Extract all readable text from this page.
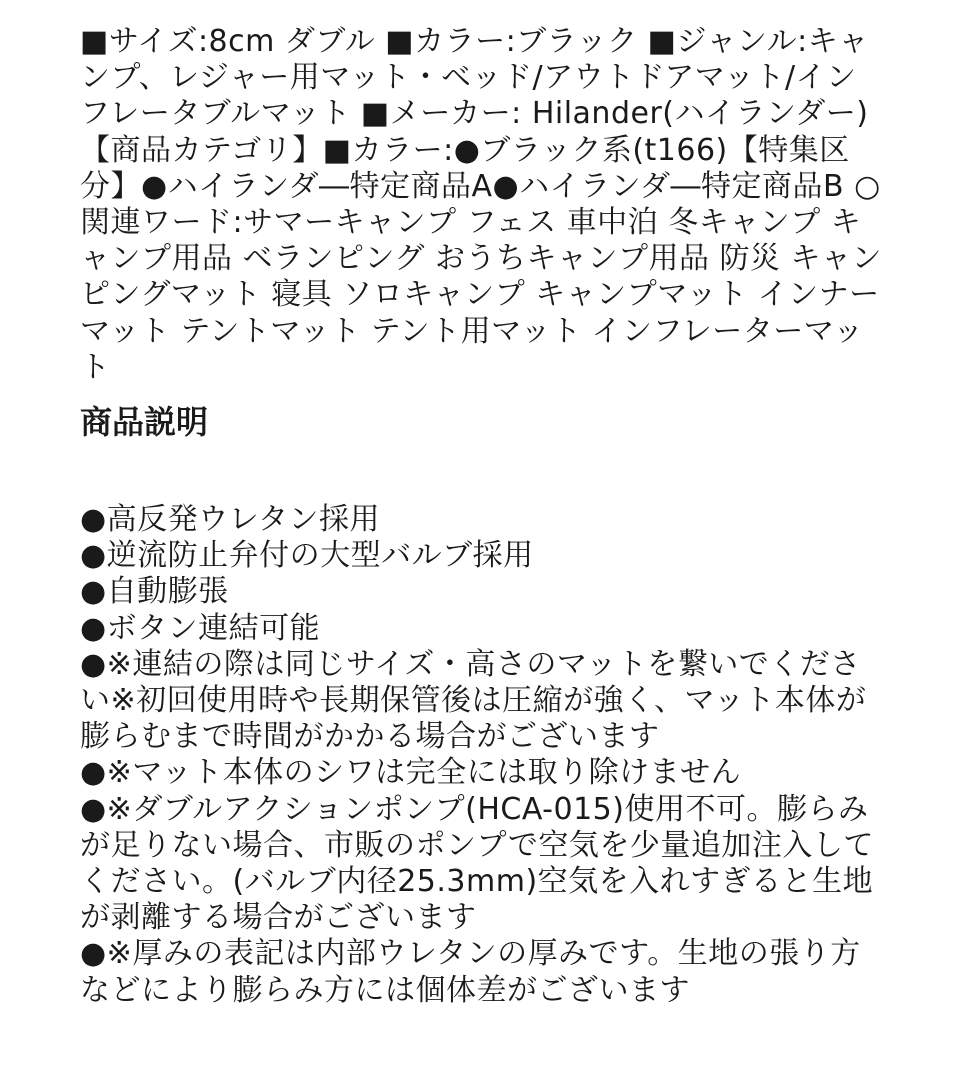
■サイズ:8cm ダブル ■カラー:ブラック ■ジャンル:キャンプ、レジャー用マット・ベッド/アウトドアマット/インフレータブルマット ■メーカー: Hilander(ハイランダー) 【商品カテゴリ】■カラー:●ブラック系(t166)【特集区分】●ハイランダ―特定商品A●ハイランダ―特定商品B ○関連ワード:サマーキャンプ フェス 車中泊 冬キャンプ キャンプ用品 ベランピング おうちキャンプ用品 防災 キャンピングマット 寝具 ソロキャンプ キャンプマット インナーマット テントマット テント用マット インフレーターマット

商品説明

●高反発ウレタン採用

●逆流防止弁付の大型バルブ採用

●自動膨張

●ボタン連結可能

●※連結の際は同じサイズ・高さのマットを繋いでください※初回使用時や長期保管後は圧縮が強く、マット本体が膨らむまで時間がかかる場合がございます

●※マット本体のシワは完全には取り除けません

●※ダブルアクションポンプ(HCA-015)使用不可。膨らみが足りない場合、市販のポンプで空気を少量追加注入してください。(バルブ内径25.3mm)空気を入れすぎると生地が剥離する場合がございます

●※厚みの表記は内部ウレタンの厚みです。生地の張り方などにより膨らみ方には個体差がございます
